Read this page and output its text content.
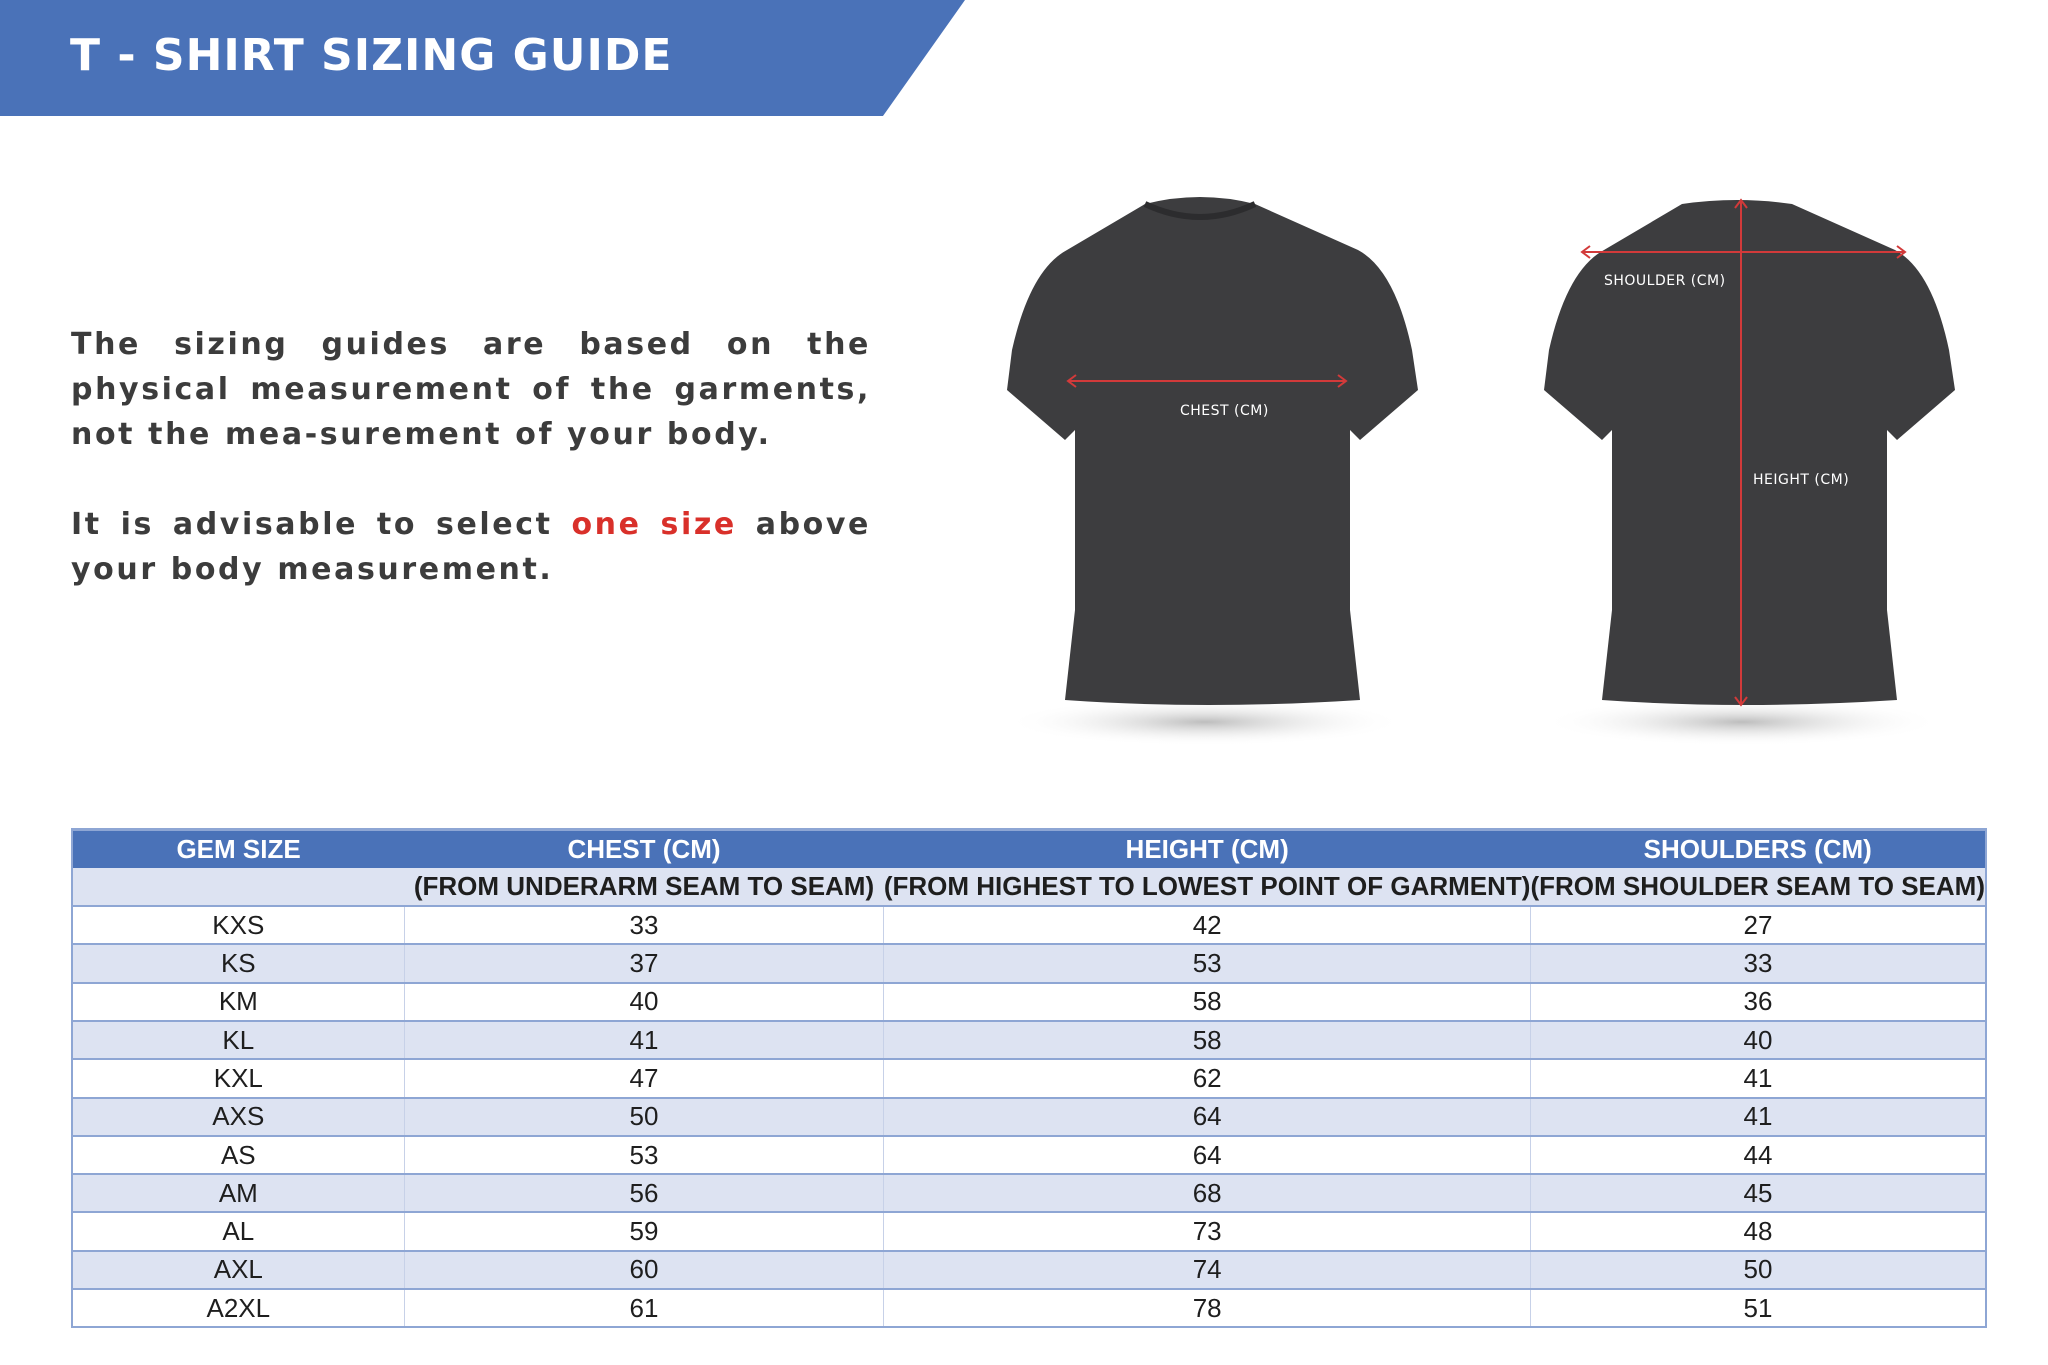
T - SHIRT SIZING GUIDE

The sizing guides are based on the physical measurement of the garments, not the mea-surement of your body.

It is advisable to select one size above your body measurement.

CHEST (CM)
SHOULDER (CM)
HEIGHT (CM)
GEM SIZE	CHEST (CM)	HEIGHT (CM)	SHOULDERS (CM)
	(FROM UNDERARM SEAM TO SEAM)	(FROM HIGHEST TO LOWEST POINT OF GARMENT)	(FROM SHOULDER SEAM TO SEAM)
KXS	33	42	27
KS	37	53	33
KM	40	58	36
KL	41	58	40
KXL	47	62	41
AXS	50	64	41
AS	53	64	44
AM	56	68	45
AL	59	73	48
AXL	60	74	50
A2XL	61	78	51
